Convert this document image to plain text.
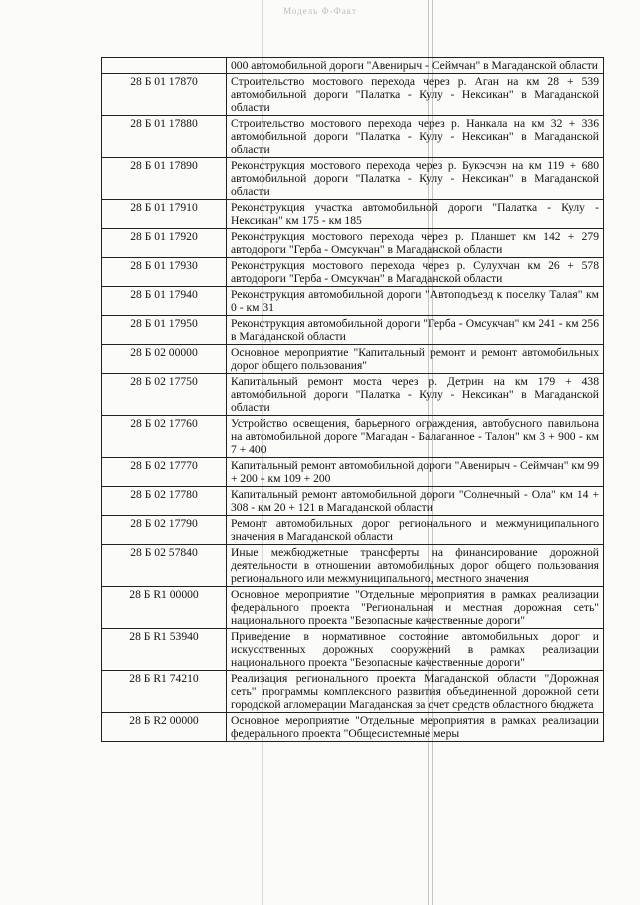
Модель Ф-Факт
	000 автомобильной дороги "Авенирыч - Сеймчан" в Магаданской области
28 Б 01 17870	Строительство мостового перехода через р. Аган на км 28 + 539 автомобильной дороги "Палатка - Кулу - Нексикан" в Магаданской области
28 Б 01 17880	Строительство мостового перехода через р. Нанкала на км 32 + 336 автомобильной дороги "Палатка - Кулу - Нексикан" в Магаданской области
28 Б 01 17890	Реконструкция мостового перехода через р. Букэсчэн на км 119 + 680 автомобильной дороги "Палатка - Кулу - Нексикан" в Магаданской области
28 Б 01 17910	Реконструкция участка автомобильной дороги "Палатка - Кулу - Нексикан" км 175 - км 185
28 Б 01 17920	Реконструкция мостового перехода через р. Планшет км 142 + 279 автодороги "Герба - Омсукчан" в Магаданской области
28 Б 01 17930	Реконструкция мостового перехода через р. Сулухчан км 26 + 578 автодороги "Герба - Омсукчан" в Магаданской области
28 Б 01 17940	Реконструкция автомобильной дороги "Автоподъезд к поселку Талая" км 0 - км 31
28 Б 01 17950	Реконструкция автомобильной дороги "Герба - Омсукчан" км 241 - км 256 в Магаданской области
28 Б 02 00000	Основное мероприятие "Капитальный ремонт и ремонт автомобильных дорог общего пользования"
28 Б 02 17750	Капитальный ремонт моста через р. Детрин на км 179 + 438 автомобильной дороги "Палатка - Кулу - Нексикан" в Магаданской области
28 Б 02 17760	Устройство освещения, барьерного ограждения, автобусного павильона на автомобильной дороге "Магадан - Балаганное - Талон" км 3 + 900 - км 7 + 400
28 Б 02 17770	Капитальный ремонт автомобильной дороги "Авенирыч - Сеймчан" км 99 + 200 - км 109 + 200
28 Б 02 17780	Капитальный ремонт автомобильной дороги "Солнечный - Ола" км 14 + 308 - км 20 + 121 в Магаданской области
28 Б 02 17790	Ремонт автомобильных дорог регионального и межмуниципального значения в Магаданской области
28 Б 02 57840	Иные межбюджетные трансферты на финансирование дорожной деятельности в отношении автомобильных дорог общего пользования регионального или межмуниципального, местного значения
28 Б R1 00000	Основное мероприятие "Отдельные мероприятия в рамках реализации федерального проекта "Региональная и местная дорожная сеть" национального проекта "Безопасные качественные дороги"
28 Б R1 53940	Приведение в нормативное состояние автомобильных дорог и искусственных дорожных сооружений в рамках реализации национального проекта "Безопасные качественные дороги"
28 Б R1 74210	Реализация регионального проекта Магаданской области "Дорожная сеть" программы комплексного развития объединенной дорожной сети городской агломерации Магаданская за счет средств областного бюджета
28 Б R2 00000	Основное мероприятие "Отдельные мероприятия в рамках реализации федерального проекта "Общесистемные меры
